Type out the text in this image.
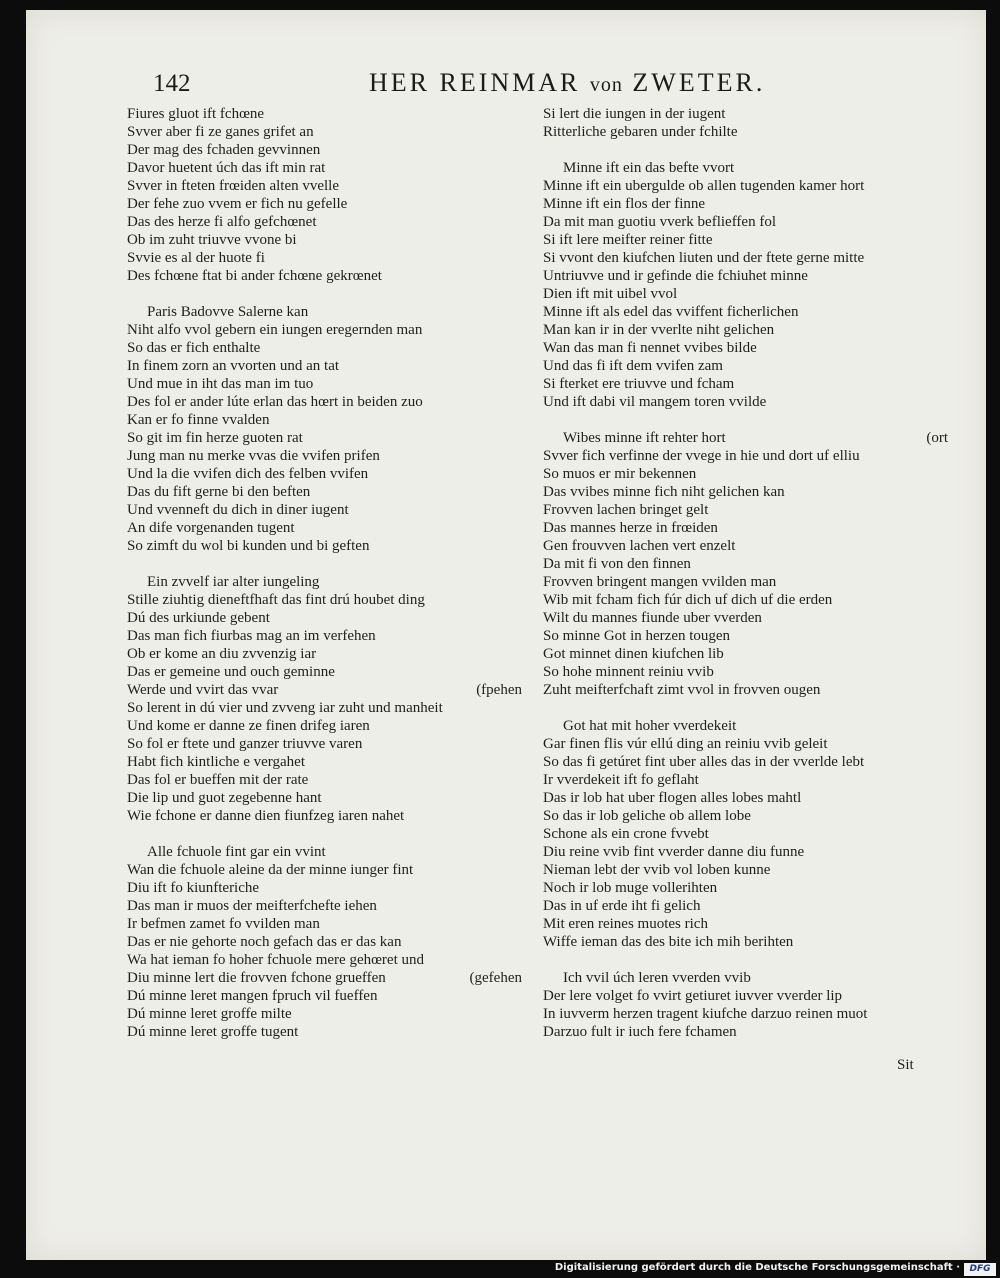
142	HER REINMAR von ZWETER.
Fiures gluot ift fchœne
Svver aber fi ze ganes grifet an
Der mag des fchaden gevvinnen
Davor huetent úch das ift min rat
Svver in fteten frœiden alten vvelle
Der fehe zuo vvem er fich nu gefelle
Das des herze fi alfo gefchœnet
Ob im zuht triuvve vvone bi
Svvie es al der huote fi
Des fchœne ftat bi ander fchœne gekrœnet
Paris Badovve Salerne kan
Niht alfo vvol gebern ein iungen eregernden man
So das er fich enthalte
In finem zorn an vvorten und an tat
Und mue in iht das man im tuo
Des fol er ander lúte erlan das hœrt in beiden zuo
Kan er fo finne vvalden
So git im fin herze guoten rat
Jung man nu merke vvas die vvifen prifen
Und la die vvifen dich des felben vvifen
Das du fift gerne bi den beften
Und vvenneft du dich in diner iugent
An dife vorgenanden tugent
So zimft du wol bi kunden und bi geften
Ein zvvelf iar alter iungeling
Stille ziuhtig dieneftfhaft das fint drú houbet ding
Dú des urkiunde gebent
Das man fich fiurbas mag an im verfehen
Ob er kome an diu zvvenzig iar
Das er gemeine und ouch geminne
Werde und vvirt das vvar	(fpehen
So lerent in dú vier und zvveng iar zuht und manheit
Und kome er danne ze finen drifeg iaren
So fol er ftete und ganzer triuvve varen
Habt fich kintliche e vergahet
Das fol er bueffen mit der rate
Die lip und guot zegebenne hant
Wie fchone er danne dien fiunfzeg iaren nahet
Alle fchuole fint gar ein vvint
Wan die fchuole aleine da der minne iunger fint
Diu ift fo kiunfteriche
Das man ir muos der meifterfchefte iehen
Ir befmen zamet fo vvilden man
Das er nie gehorte noch gefach das er das kan
Wa hat ieman fo hoher fchuole mere gehœret und
Diu minne lert die frovven fchone grueffen	(gefehen
Dú minne leret mangen fpruch vil fueffen
Dú minne leret groffe milte
Dú minne leret groffe tugent
Si lert die iungen in der iugent
Ritterliche gebaren under fchilte
Minne ift ein das befte vvort
Minne ift ein ubergulde ob allen tugenden kamer hort
Minne ift ein flos der finne
Da mit man guotiu vverk beflieffen fol
Si ift lere meifter reiner fitte
Si vvont den kiufchen liuten und der ftete gerne mitte
Untriuvve und ir gefinde die fchiuhet minne
Dien ift mit uibel vvol
Minne ift als edel das vviffent ficherlichen
Man kan ir in der vverlte niht gelichen
Wan das man fi nennet vvibes bilde
Und das fi ift dem vvifen zam
Si fterket ere triuvve und fcham
Und ift dabi vil mangem toren vvilde
Wibes minne ift rehter hort	(ort
Svver fich verfinne der vvege in hie und dort uf elliu
So muos er mir bekennen
Das vvibes minne fich niht gelichen kan
Frovven lachen bringet gelt
Das mannes herze in frœiden
Gen frouvven lachen vert enzelt
Da mit fi von den finnen
Frovven bringent mangen vvilden man
Wib mit fcham fich fúr dich uf dich uf die erden
Wilt du mannes fiunde uber vverden
So minne Got in herzen tougen
Got minnet dinen kiufchen lib
So hohe minnent reiniu vvib
Zuht meifterfchaft zimt vvol in frovven ougen
Got hat mit hoher vverdekeit
Gar finen flis vúr ellú ding an reiniu vvib geleit
So das fi getúret fint uber alles das in der vverlde lebt
Ir vverdekeit ift fo geflaht
Das ir lob hat uber flogen alles lobes mahtl
So das ir lob geliche ob allem lobe
Schone als ein crone fvvebt
Diu reine vvib fint vverder danne diu funne
Nieman lebt der vvib vol loben kunne
Noch ir lob muge vollerihten
Das in uf erde iht fi gelich
Mit eren reines muotes rich
Wiffe ieman das des bite ich mih berihten
Ich vvil úch leren vverden vvib
Der lere volget fo vvirt getiuret iuvver vverder lip
In iuvverm herzen tragent kiufche darzuo reinen muot
Darzuo fult ir iuch fere fchamen
Sit
Digitalisierung gefördert durch die Deutsche Forschungsgemeinschaft ·	DFG
